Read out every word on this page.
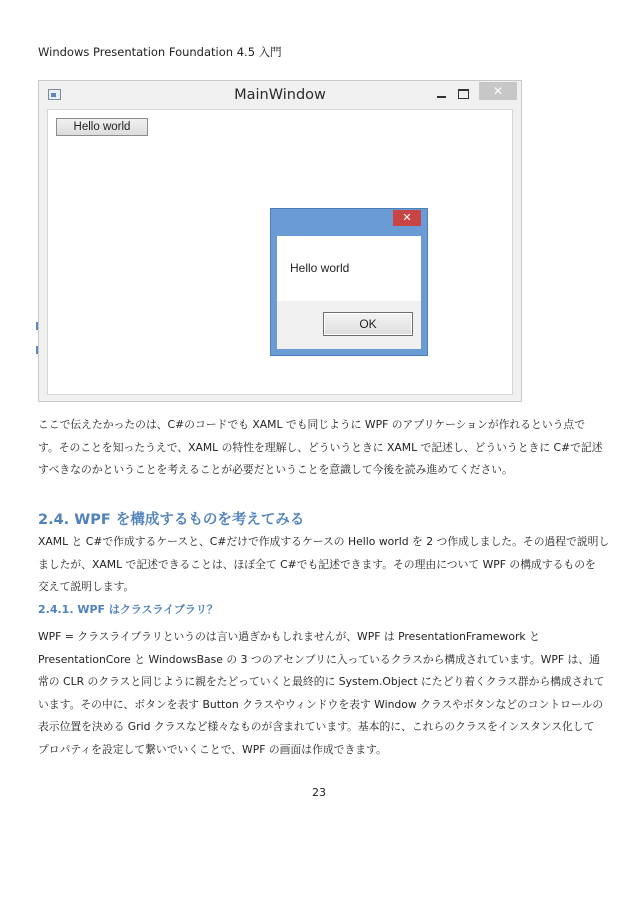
Windows Presentation Foundation 4.5 入門
MainWindow	✕
Hello world
✕
Hello world
OK

ここで伝えたかったのは、C#のコードでも XAML でも同じように WPF のアプリケーションが作れるという点で
す。そのことを知ったうえで、XAML の特性を理解し、どういうときに XAML で記述し、どういうときに C#で記述
すべきなのかということを考えることが必要だということを意識して今後を読み進めてください。

2.4. WPF を構成するものを考えてみる

XAML と C#で作成するケースと、C#だけで作成するケースの Hello world を 2 つ作成しました。その過程で説明し
ましたが、XAML で記述できることは、ほぼ全て C#でも記述できます。その理由について WPF の構成するものを
交えて説明します。

2.4.1. WPF はクラスライブラリ？

WPF = クラスライブラリというのは言い過ぎかもしれませんが、WPF は PresentationFramework と
PresentationCore と WindowsBase の 3 つのアセンブリに入っているクラスから構成されています。WPF は、通
常の CLR のクラスと同じように親をたどっていくと最終的に System.Object にたどり着くクラス群から構成されて
います。その中に、ボタンを表す Button クラスやウィンドウを表す Window クラスやボタンなどのコントロールの
表示位置を決める Grid クラスなど様々なものが含まれています。基本的に、これらのクラスをインスタンス化して
プロパティを設定して繋いでいくことで、WPF の画面は作成できます。

23
